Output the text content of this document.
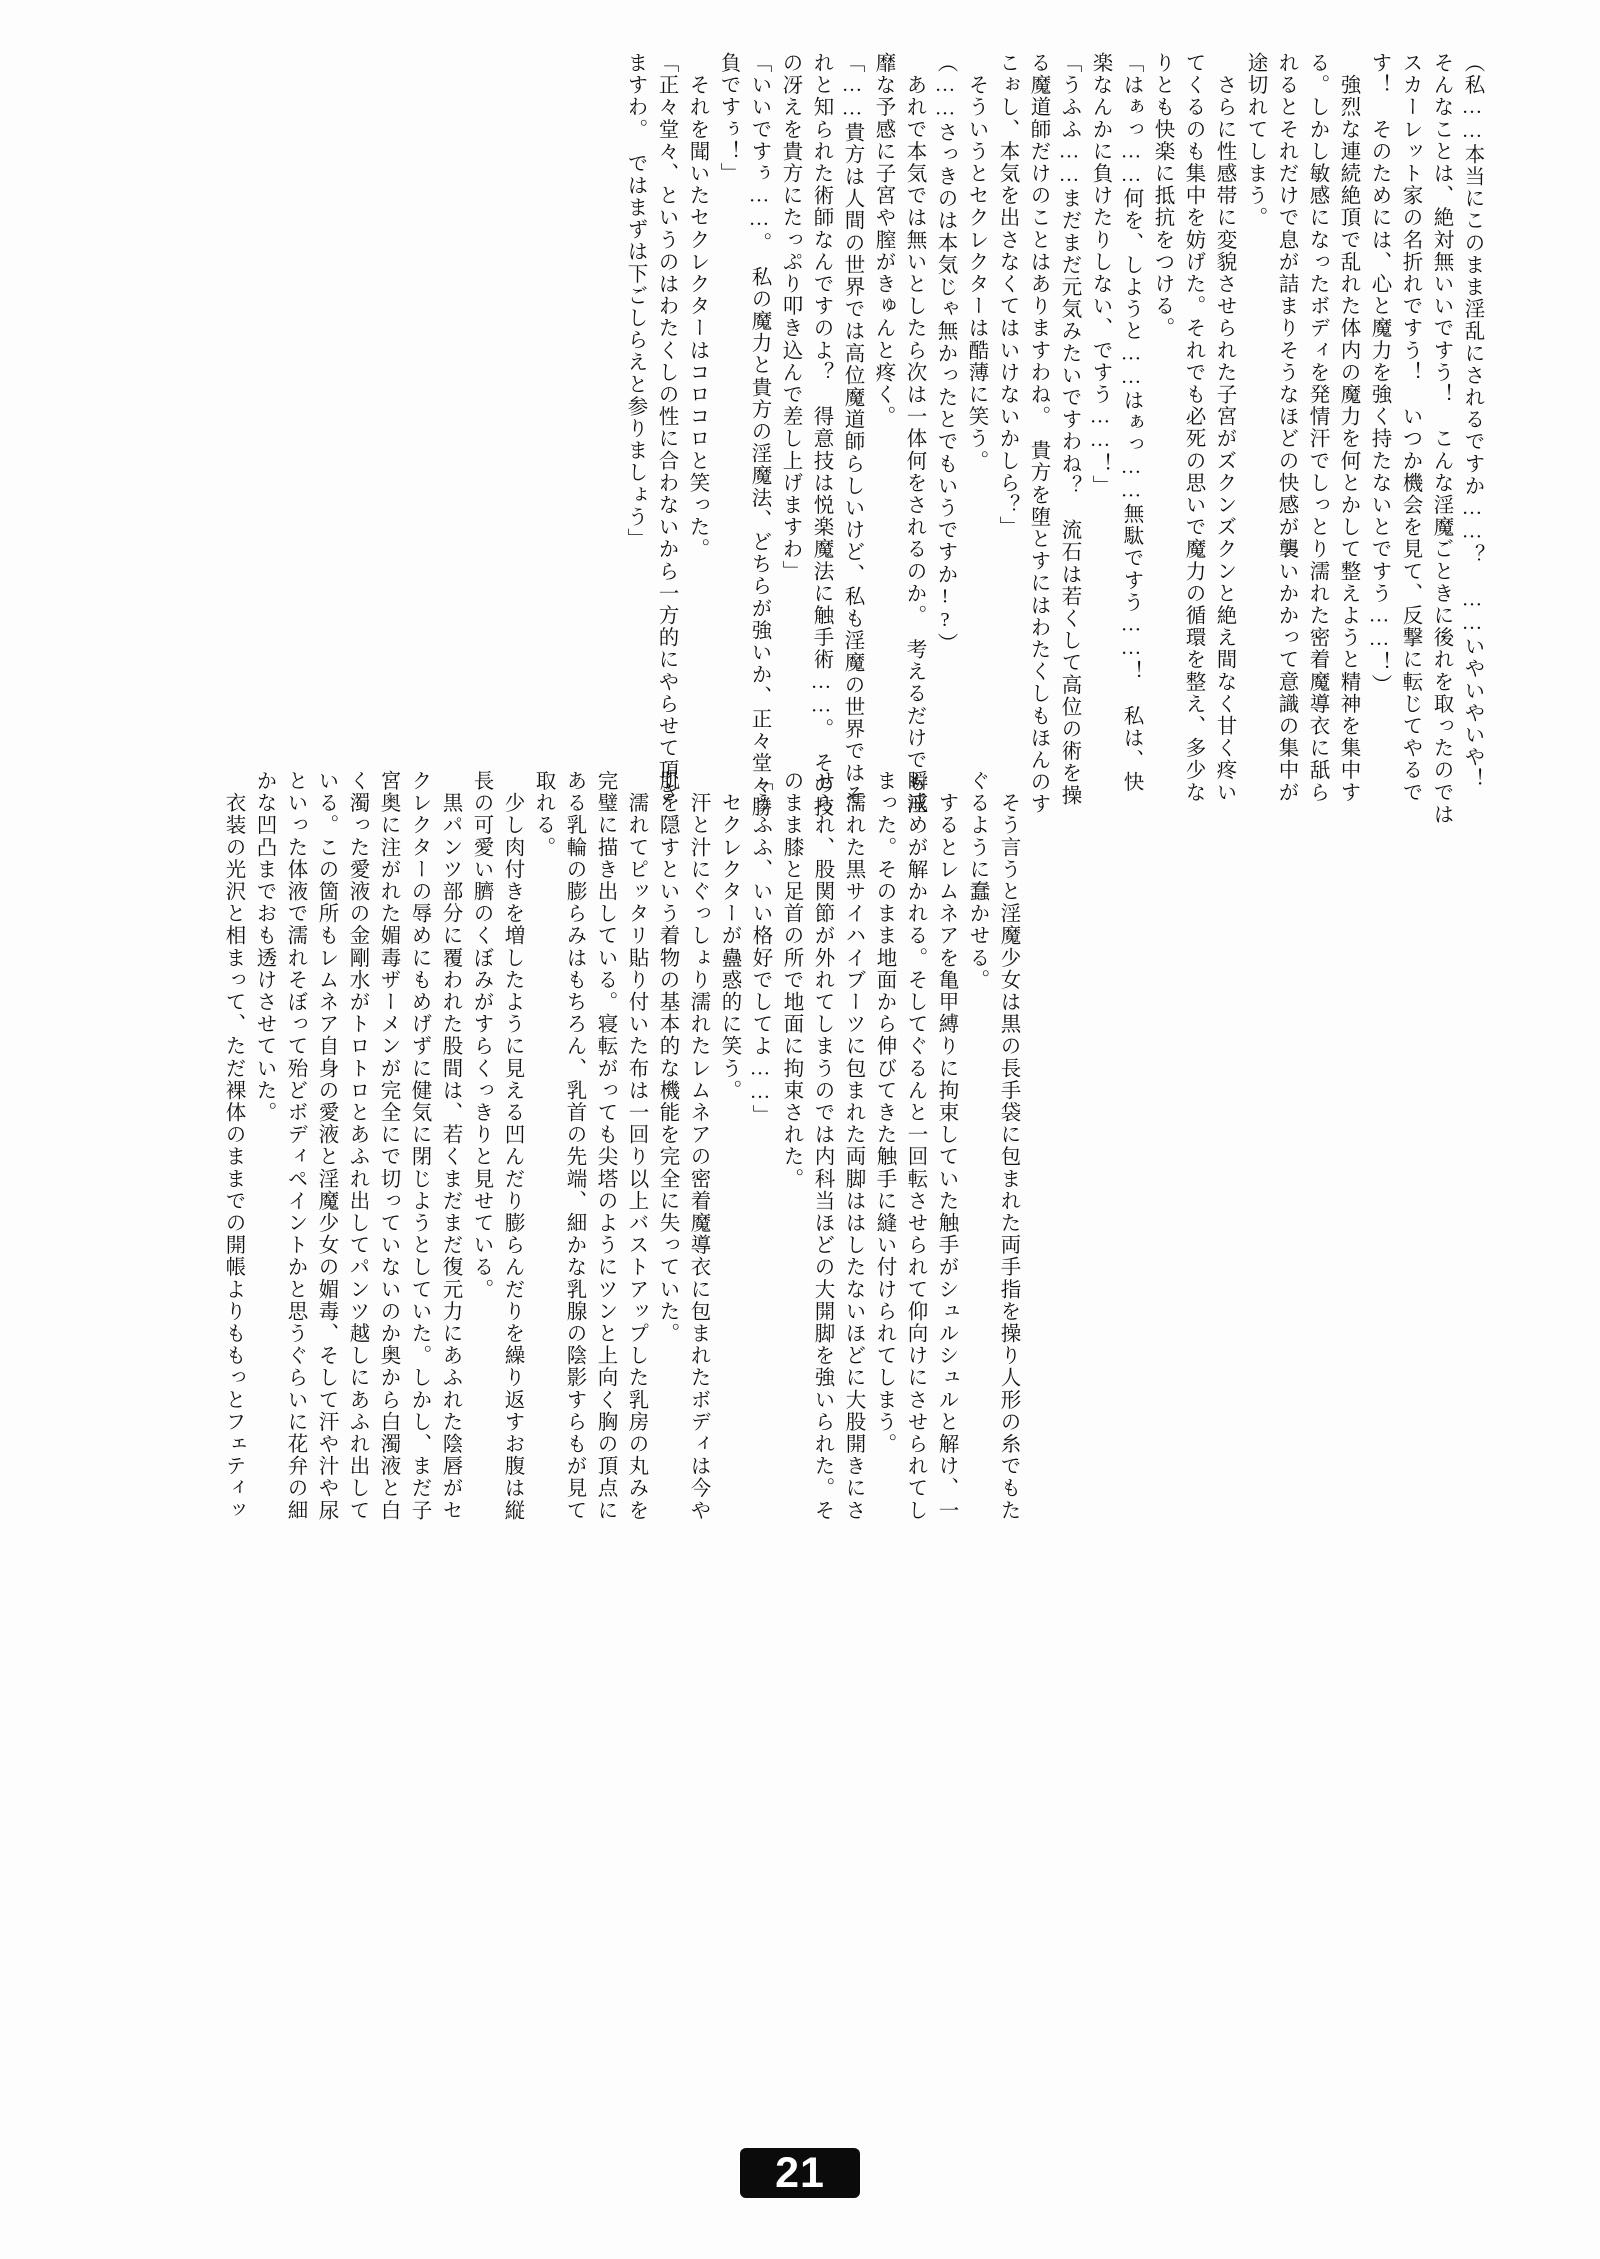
（私……本当にこのまま淫乱にされるですか……？　……いやいやいや！
そんなことは、絶対無いいですう！　こんな淫魔ごときに後れを取ったのでは
スカーレット家の名折れですう！　いつか機会を見て、反撃に転じてやるで
す！　そのためには、心と魔力を強く持たないとですう……！）
　強烈な連続絶頂で乱れた体内の魔力を何とかして整えようと精神を集中す
る。しかし敏感になったボディを発情汗でしっとり濡れた密着魔導衣に舐ら
れるとそれだけで息が詰まりそうなほどの快感が襲いかかって意識の集中が
途切れてしまう。
　さらに性感帯に変貌させられた子宮がズクンズクンと絶え間なく甘く疼い
てくるのも集中を妨げた。それでも必死の思いで魔力の循環を整え、多少な
りとも快楽に抵抗をつける。
「はぁっ……何を、しようと……はぁっ……無駄ですう……！　私は、快
楽なんかに負けたりしない、ですう……！」
「うふふ……まだまだ元気みたいですわね？　流石は若くして高位の術を操
る魔道師だけのことはありますわね。　貴方を堕とすにはわたくしもほんのす
こぉし、本気を出さなくてはいけないかしら？」
　そういうとセクレクターは酷薄に笑う。
（……さっきのは本気じゃ無かったとでもいうですか!?）
　あれで本気では無いとしたら次は一体何をされるのか。　考えるだけでも淫
靡な予感に子宮や膣がきゅんと疼く。
「……貴方は人間の世界では高位魔道師らしいけど、私も淫魔の世界ではそ
れと知られた術師なんですのよ？　得意技は悦楽魔法に触手術……。　その技
の冴えを貴方にたっぷり叩き込んで差し上げますわ」
「いいですぅ……。　私の魔力と貴方の淫魔法、どちらが強いか、正々堂々勝
負ですぅ！」
　それを聞いたセクレクターはコロコロと笑った。
「正々堂々、というのはわたくしの性に合わないから一方的にやらせて頂き
ますわ。　ではまずは下ごしらえと参りましょう」
　そう言うと淫魔少女は黒の長手袋に包まれた両手指を操り人形の糸でもた
ぐるように蠢かせる。
　するとレムネアを亀甲縛りに拘束していた触手がシュルシュルと解け、一
瞬戒めが解かれる。そしてぐるんと一回転させられて仰向けにさせられてし
まった。そのまま地面から伸びてきた触手に縫い付けられてしまう。
　濡れた黒サイハイブーツに包まれた両脚ははしたないほどに大股開きにさ
せられ、股関節が外れてしまうのでは内科当ほどの大開脚を強いられた。そ
のまま膝と足首の所で地面に拘束された。
「うふふ、いい格好でしてよ……」
　セクレクターが蠱惑的に笑う。
　汗と汁にぐっしょり濡れたレムネアの密着魔導衣に包まれたボディは今や
肌を隠すという着物の基本的な機能を完全に失っていた。
　濡れてピッタリ貼り付いた布は一回り以上バストアップした乳房の丸みを
完璧に描き出している。寝転がっても尖塔のようにツンと上向く胸の頂点に
ある乳輪の膨らみはもちろん、乳首の先端、細かな乳腺の陰影すらもが見て
取れる。
　少し肉付きを増したように見える凹んだり膨らんだりを繰り返すお腹は縦
長の可愛い臍のくぼみがすらくっきりと見せている。
　黒パンツ部分に覆われた股間は、若くまだまだ復元力にあふれた陰唇がセ
クレクターの辱めにもめげずに健気に閉じようとしていた。しかし、まだ子
宮奥に注がれた媚毒ザーメンが完全にで切っていないのか奥から白濁液と白
く濁った愛液の金剛水がトロトロとあふれ出してパンツ越しにあふれ出して
いる。この箇所もレムネア自身の愛液と淫魔少女の媚毒、そして汗や汁や尿
といった体液で濡れそぼって殆どボディペイントかと思うぐらいに花弁の細
かな凹凸までおも透けさせていた。
　衣装の光沢と相まって、ただ裸体のままでの開帳よりももっとフェティッ
21
